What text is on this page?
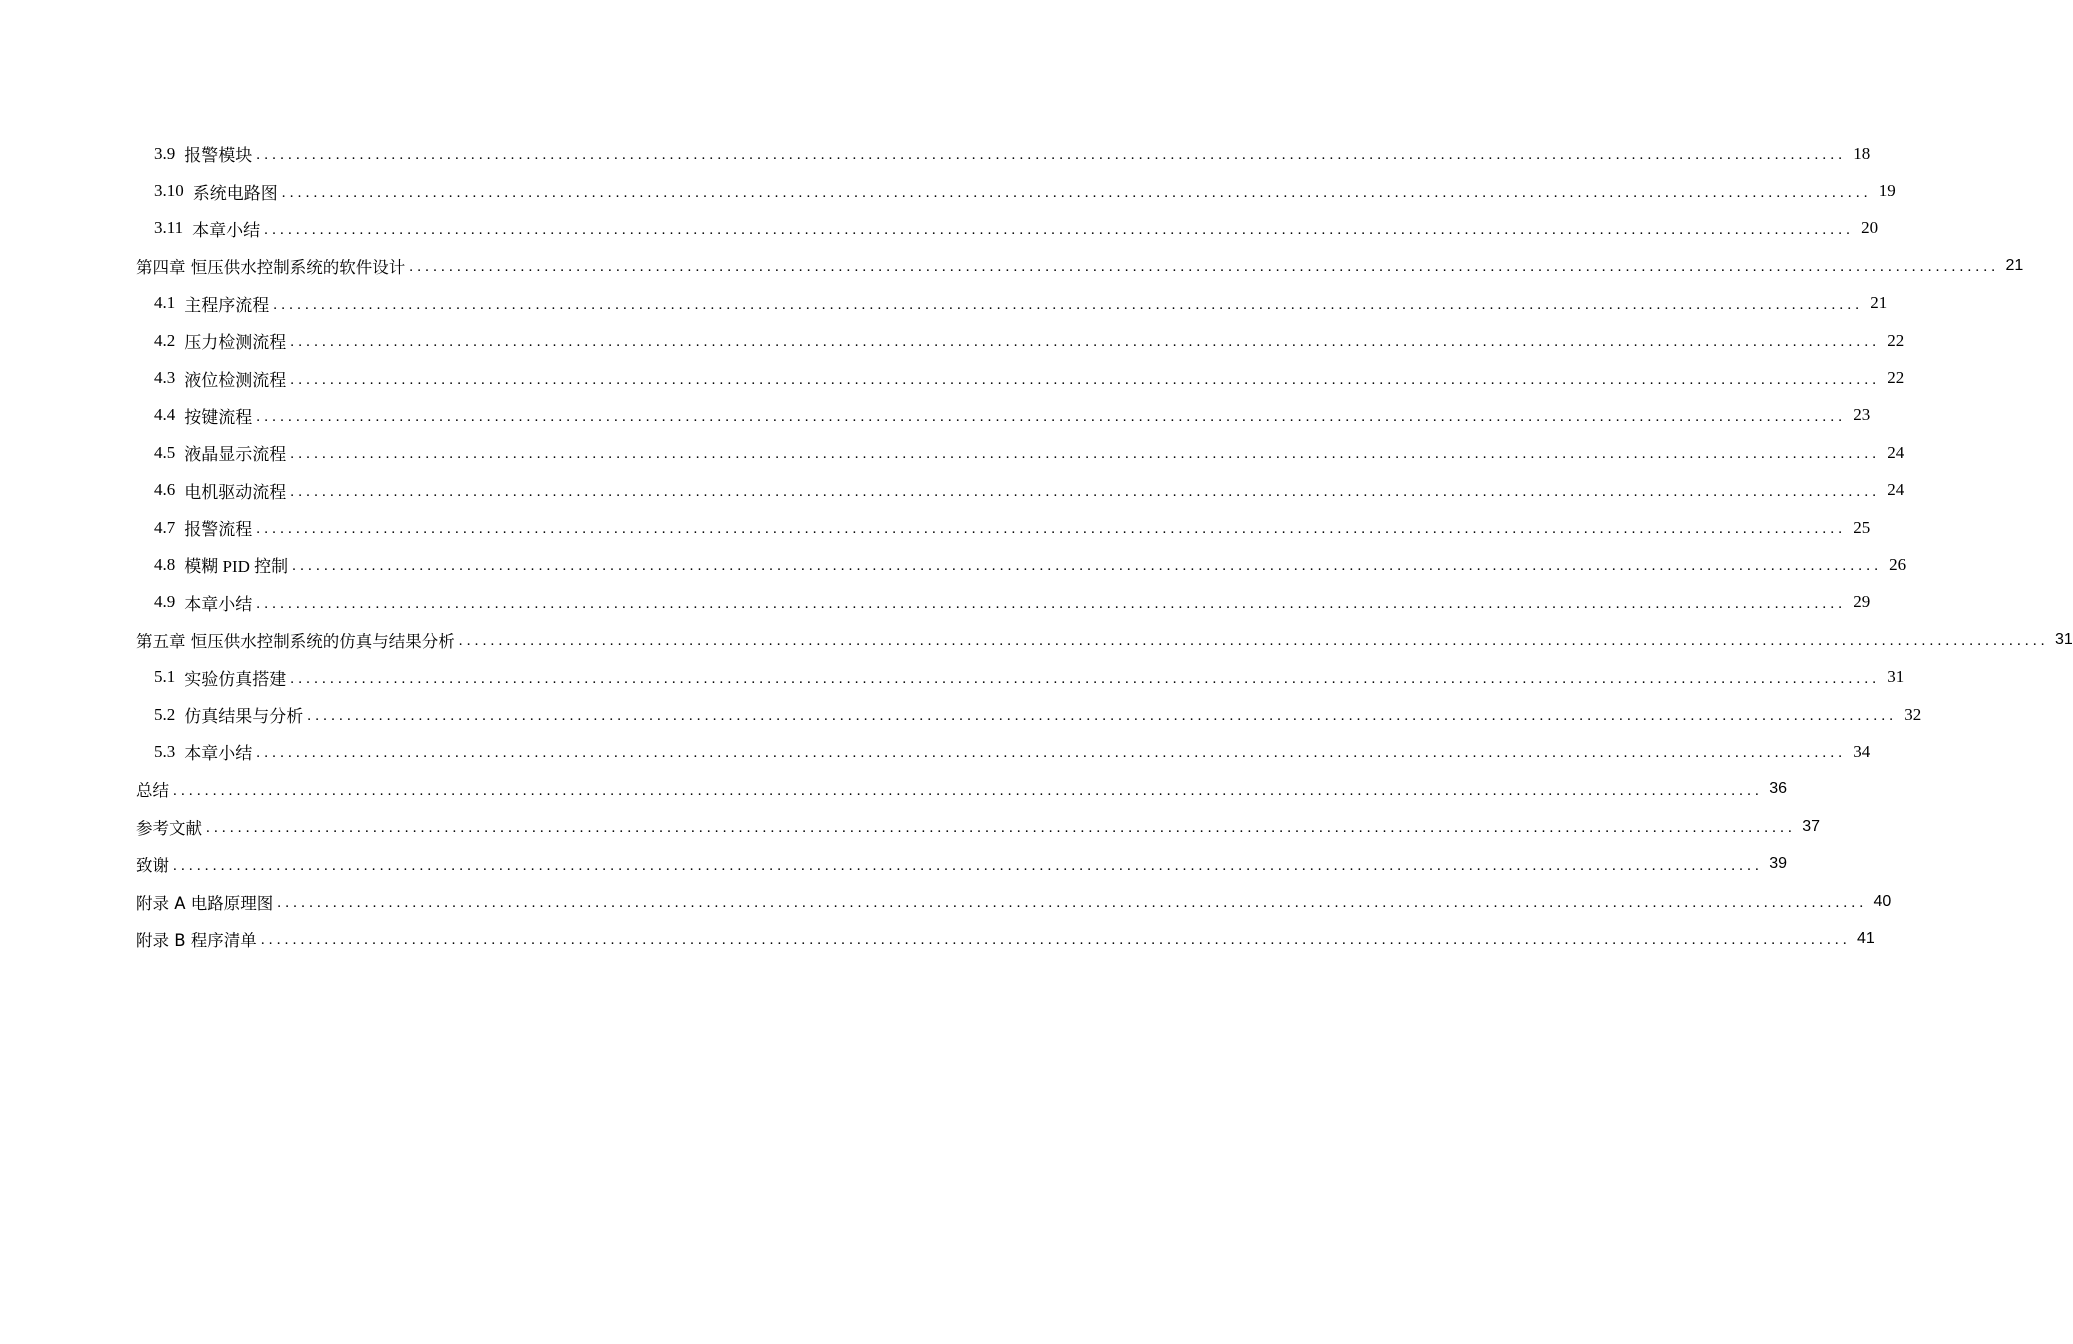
3.9 报警模块 ........................................................................................................................................................................................................ 18
3.10 系统电路图 ........................................................................................................................................................................................................ 19
3.11 本章小结 ........................................................................................................................................................................................................ 20
第四章 恒压供水控制系统的软件设计 ........................................................................................................................................................................................................ 21
4.1 主程序流程 ........................................................................................................................................................................................................ 21
4.2 压力检测流程 ........................................................................................................................................................................................................ 22
4.3 液位检测流程 ........................................................................................................................................................................................................ 22
4.4 按键流程 ........................................................................................................................................................................................................ 23
4.5 液晶显示流程 ........................................................................................................................................................................................................ 24
4.6 电机驱动流程 ........................................................................................................................................................................................................ 24
4.7 报警流程 ........................................................................................................................................................................................................ 25
4.8 模糊 PID 控制 ........................................................................................................................................................................................................ 26
4.9 本章小结 ........................................................................................................................................................................................................ 29
第五章 恒压供水控制系统的仿真与结果分析 ........................................................................................................................................................................................................ 31
5.1 实验仿真搭建 ........................................................................................................................................................................................................ 31
5.2 仿真结果与分析 ........................................................................................................................................................................................................ 32
5.3 本章小结 ........................................................................................................................................................................................................ 34
总结 ........................................................................................................................................................................................................ 36
参考文献 ........................................................................................................................................................................................................ 37
致谢 ........................................................................................................................................................................................................ 39
附录 A 电路原理图 ........................................................................................................................................................................................................ 40
附录 B 程序清单 ........................................................................................................................................................................................................ 41
